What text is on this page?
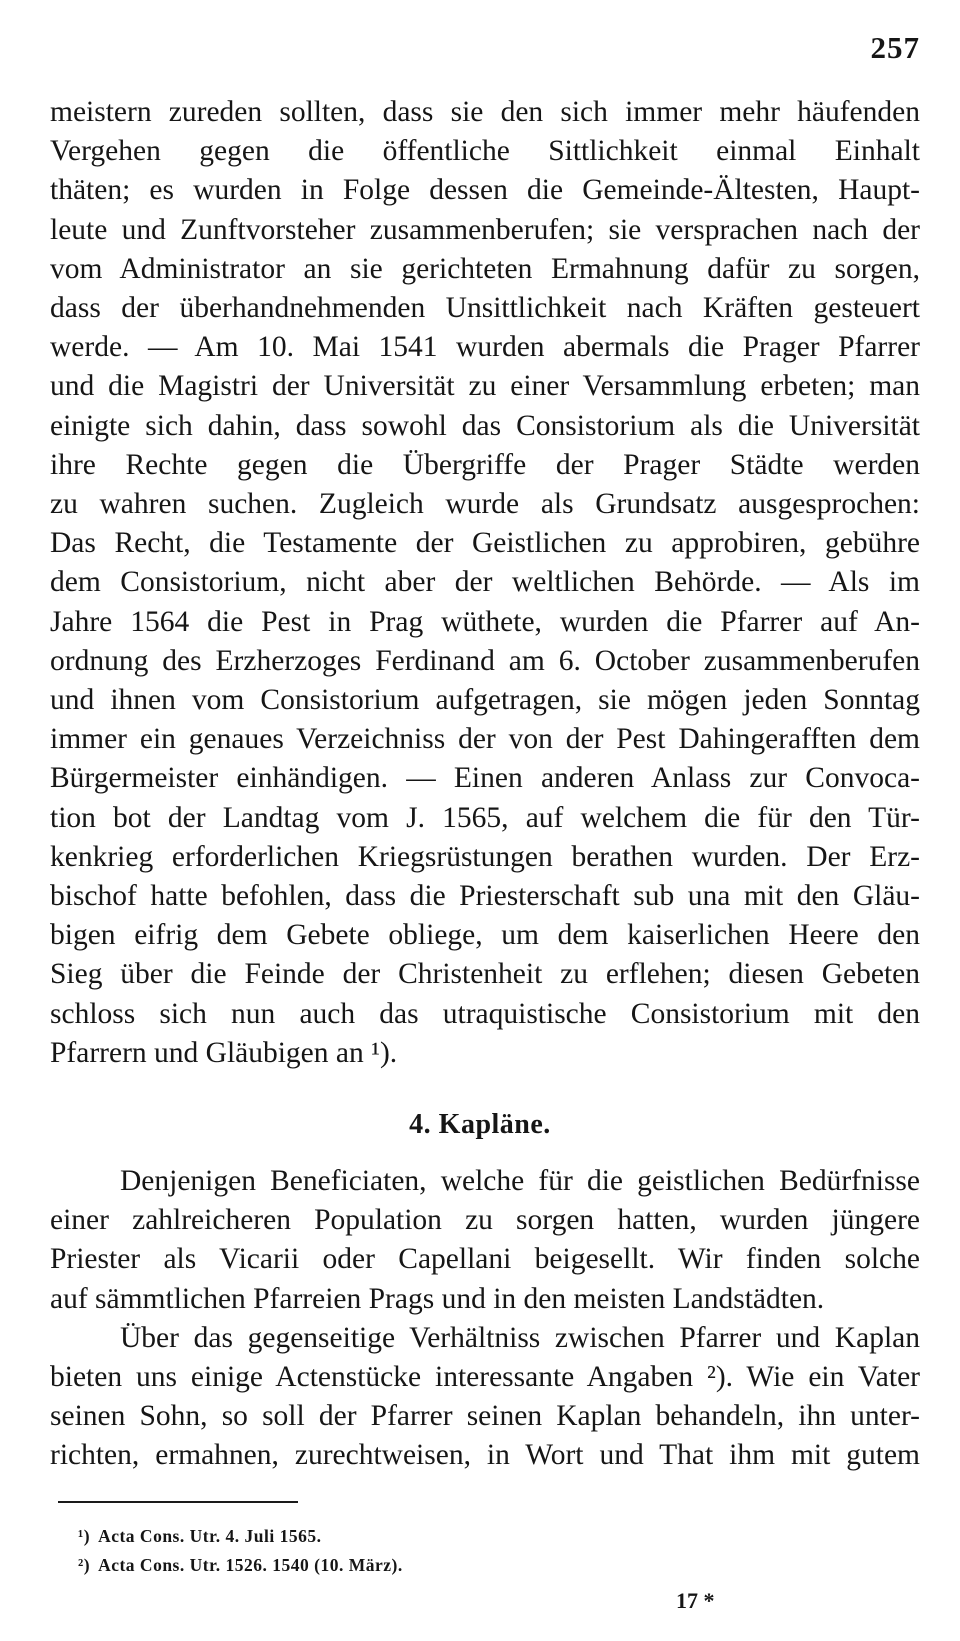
257
meistern zureden sollten, dass sie den sich immer mehr häufenden
Vergehen gegen die öffentliche Sittlichkeit einmal Einhalt
thäten; es wurden in Folge dessen die Gemeinde-Ältesten, Haupt-
leute und Zunftvorsteher zusammenberufen; sie versprachen nach der
vom Administrator an sie gerichteten Ermahnung dafür zu sorgen,
dass der überhandnehmenden Unsittlichkeit nach Kräften gesteuert
werde. — Am 10. Mai 1541 wurden abermals die Prager Pfarrer
und die Magistri der Universität zu einer Versammlung erbeten; man
einigte sich dahin, dass sowohl das Consistorium als die Universität
ihre Rechte gegen die Übergriffe der Prager Städte werden
zu wahren suchen. Zugleich wurde als Grundsatz ausgesprochen:
Das Recht, die Testamente der Geistlichen zu approbiren, gebühre
dem Consistorium, nicht aber der weltlichen Behörde. — Als im
Jahre 1564 die Pest in Prag wüthete, wurden die Pfarrer auf An-
ordnung des Erzherzoges Ferdinand am 6. October zusammenberufen
und ihnen vom Consistorium aufgetragen, sie mögen jeden Sonntag
immer ein genaues Verzeichniss der von der Pest Dahingerafften dem
Bürgermeister einhändigen. — Einen anderen Anlass zur Convoca-
tion bot der Landtag vom J. 1565, auf welchem die für den Tür-
kenkrieg erforderlichen Kriegsrüstungen berathen wurden. Der Erz-
bischof hatte befohlen, dass die Priesterschaft sub una mit den Gläu-
bigen eifrig dem Gebete obliege, um dem kaiserlichen Heere den
Sieg über die Feinde der Christenheit zu erflehen; diesen Gebeten
schloss sich nun auch das utraquistische Consistorium mit den
Pfarrern und Gläubigen an ¹).
4. Kapläne.
Denjenigen Beneficiaten, welche für die geistlichen Bedürfnisse
einer zahlreicheren Population zu sorgen hatten, wurden jüngere
Priester als Vicarii oder Capellani beigesellt. Wir finden solche
auf sämmtlichen Pfarreien Prags und in den meisten Landstädten.
Über das gegenseitige Verhältniss zwischen Pfarrer und Kaplan
bieten uns einige Actenstücke interessante Angaben ²). Wie ein Vater
seinen Sohn, so soll der Pfarrer seinen Kaplan behandeln, ihn unter-
richten, ermahnen, zurechtweisen, in Wort und That ihm mit gutem
¹) Acta Cons. Utr. 4. Juli 1565.
²) Acta Cons. Utr. 1526. 1540 (10. März).
17 *
